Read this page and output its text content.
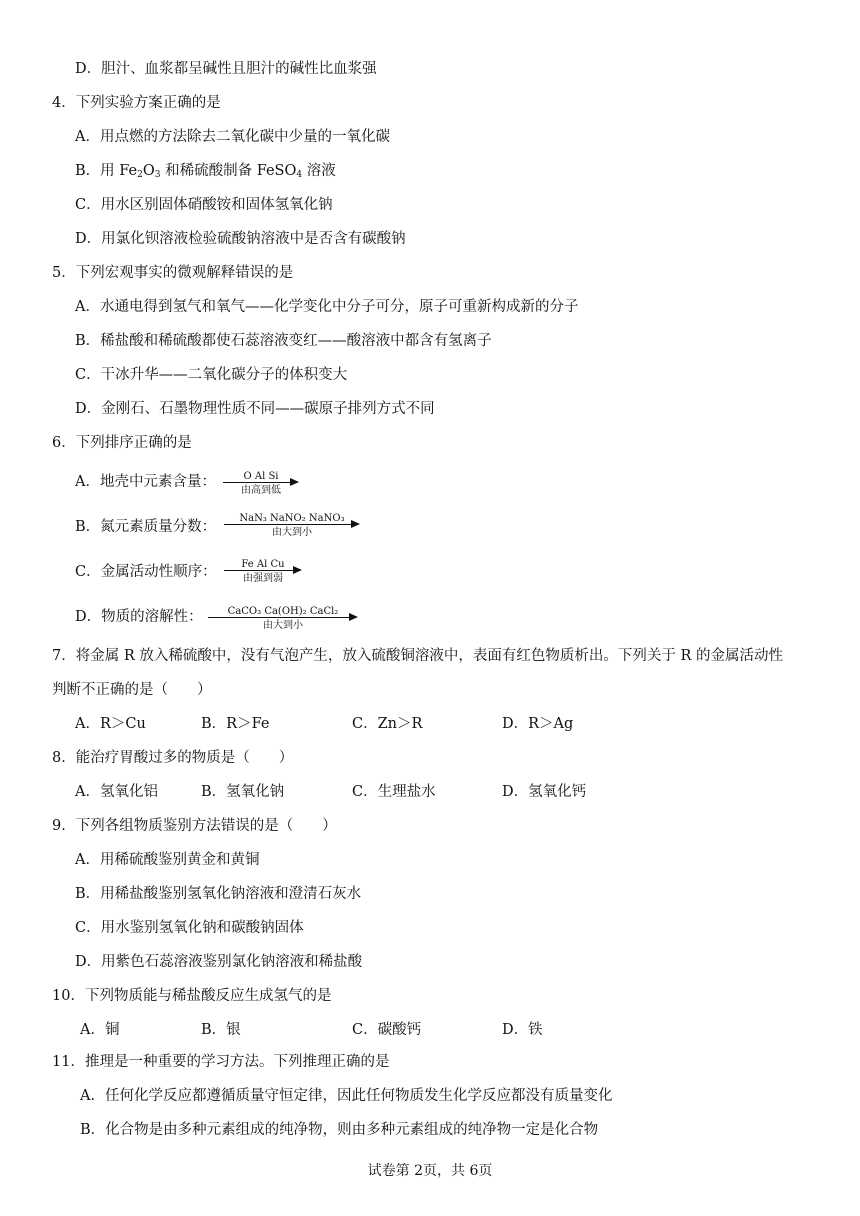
D．胆汁、血浆都呈碱性且胆汁的碱性比血浆强
4．下列实验方案正确的是
A．用点燃的方法除去二氧化碳中少量的一氧化碳
B．用 $Fe_2O_3$ 和稀硫酸制备 FeSO$_4$ 溶液
C．用水区别固体硝酸铵和固体氢氧化钠
D．用氯化钡溶液检验硫酸钠溶液中是否含有碳酸钠
5．下列宏观事实的微观解释错误的是
A．水通电得到氢气和氧气——化学变化中分子可分，原子可重新构成新的分子
B．稀盐酸和稀硫酸都使石蕊溶液变红——酸溶液中都含有氢离子
C．干冰升华——二氧化碳分子的体积变大
D．金刚石、石墨物理性质不同——碳原子排列方式不同
6．下列排序正确的是
A．地壳中元素含量：	O Al Si
由高到低
B．氮元素质量分数：
NaN₃ NaNO₂ NaNO₃
由大到小
C．金属活动性顺序：	Fe Al Cu
由强到弱
D．物质的溶解性：	CaCO₃ Ca(OH)₂ CaCl₂
由大到小
7．将金属 R 放入稀硫酸中，没有气泡产生，放入硫酸铜溶液中，表面有红色物质析出。下列关于 R 的金属活动性
判断不正确的是（　　）
A．R＞Cu	B．R＞Fe	C．Zn＞R	D．R＞Ag
8．能治疗胃酸过多的物质是（　　）
A．氢氧化铝	B．氢氧化钠	C．生理盐水	D．氢氧化钙
9．下列各组物质鉴别方法错误的是（　　）
A．用稀硫酸鉴别黄金和黄铜
B．用稀盐酸鉴别氢氧化钠溶液和澄清石灰水
C．用水鉴别氢氧化钠和碳酸钠固体
D．用紫色石蕊溶液鉴别氯化钠溶液和稀盐酸
10．下列物质能与稀盐酸反应生成氢气的是
A．铜	B．银	C．碳酸钙	D．铁
11．推理是一种重要的学习方法。下列推理正确的是
A．任何化学反应都遵循质量守恒定律，因此任何物质发生化学反应都没有质量变化
B．化合物是由多种元素组成的纯净物，则由多种元素组成的纯净物一定是化合物
试卷第 2页，共 6页
